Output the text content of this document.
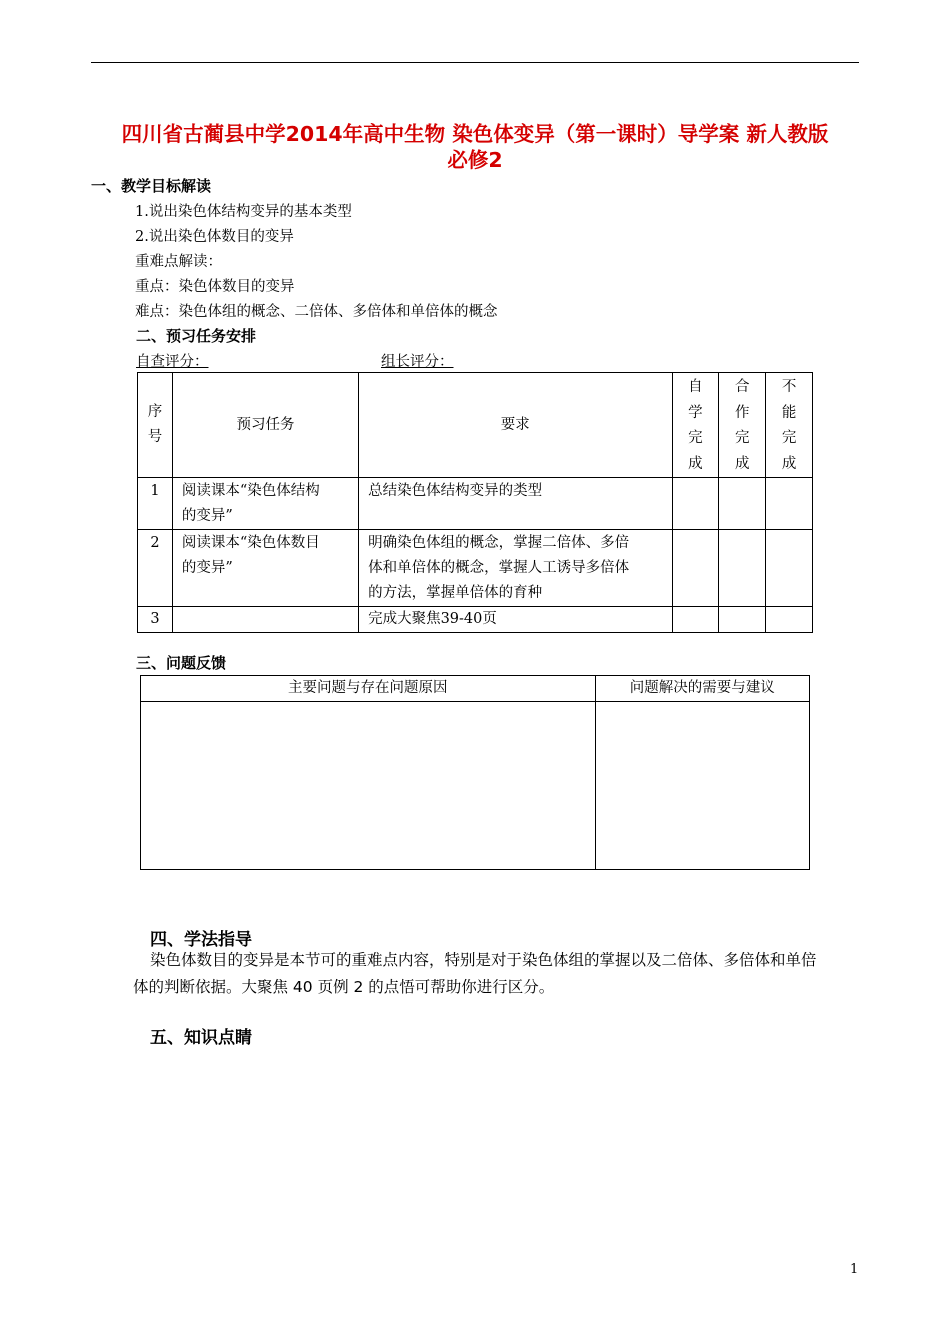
四川省古蔺县中学2014年高中生物 染色体变异（第一课时）导学案 新人教版
必修2
一、教学目标解读
1.说出染色体结构变异的基本类型
2.说出染色体数目的变异
重难点解读：
重点：染色体数目的变异
难点：染色体组的概念、二倍体、多倍体和单倍体的概念
二、预习任务安排
自查评分：	组长评分：
序
号	预习任务	要求	自
学
完
成	合
作
完
成	不
能
完
成
1	阅读课本“染色体结构
的变异”	总结染色体结构变异的类型			
2	阅读课本“染色体数目
的变异”	明确染色体组的概念，掌握二倍体、多倍
体和单倍体的概念，掌握人工诱导多倍体
的方法，掌握单倍体的育种			
3		完成大聚焦39-40页			
三、问题反馈
主要问题与存在问题原因	问题解决的需要与建议

四、学法指导
染色体数目的变异是本节可的重难点内容，特别是对于染色体组的掌握以及二倍体、多倍体和单倍
体的判断依据。大聚焦 40 页例 2 的点悟可帮助你进行区分。
五、知识点睛
1
